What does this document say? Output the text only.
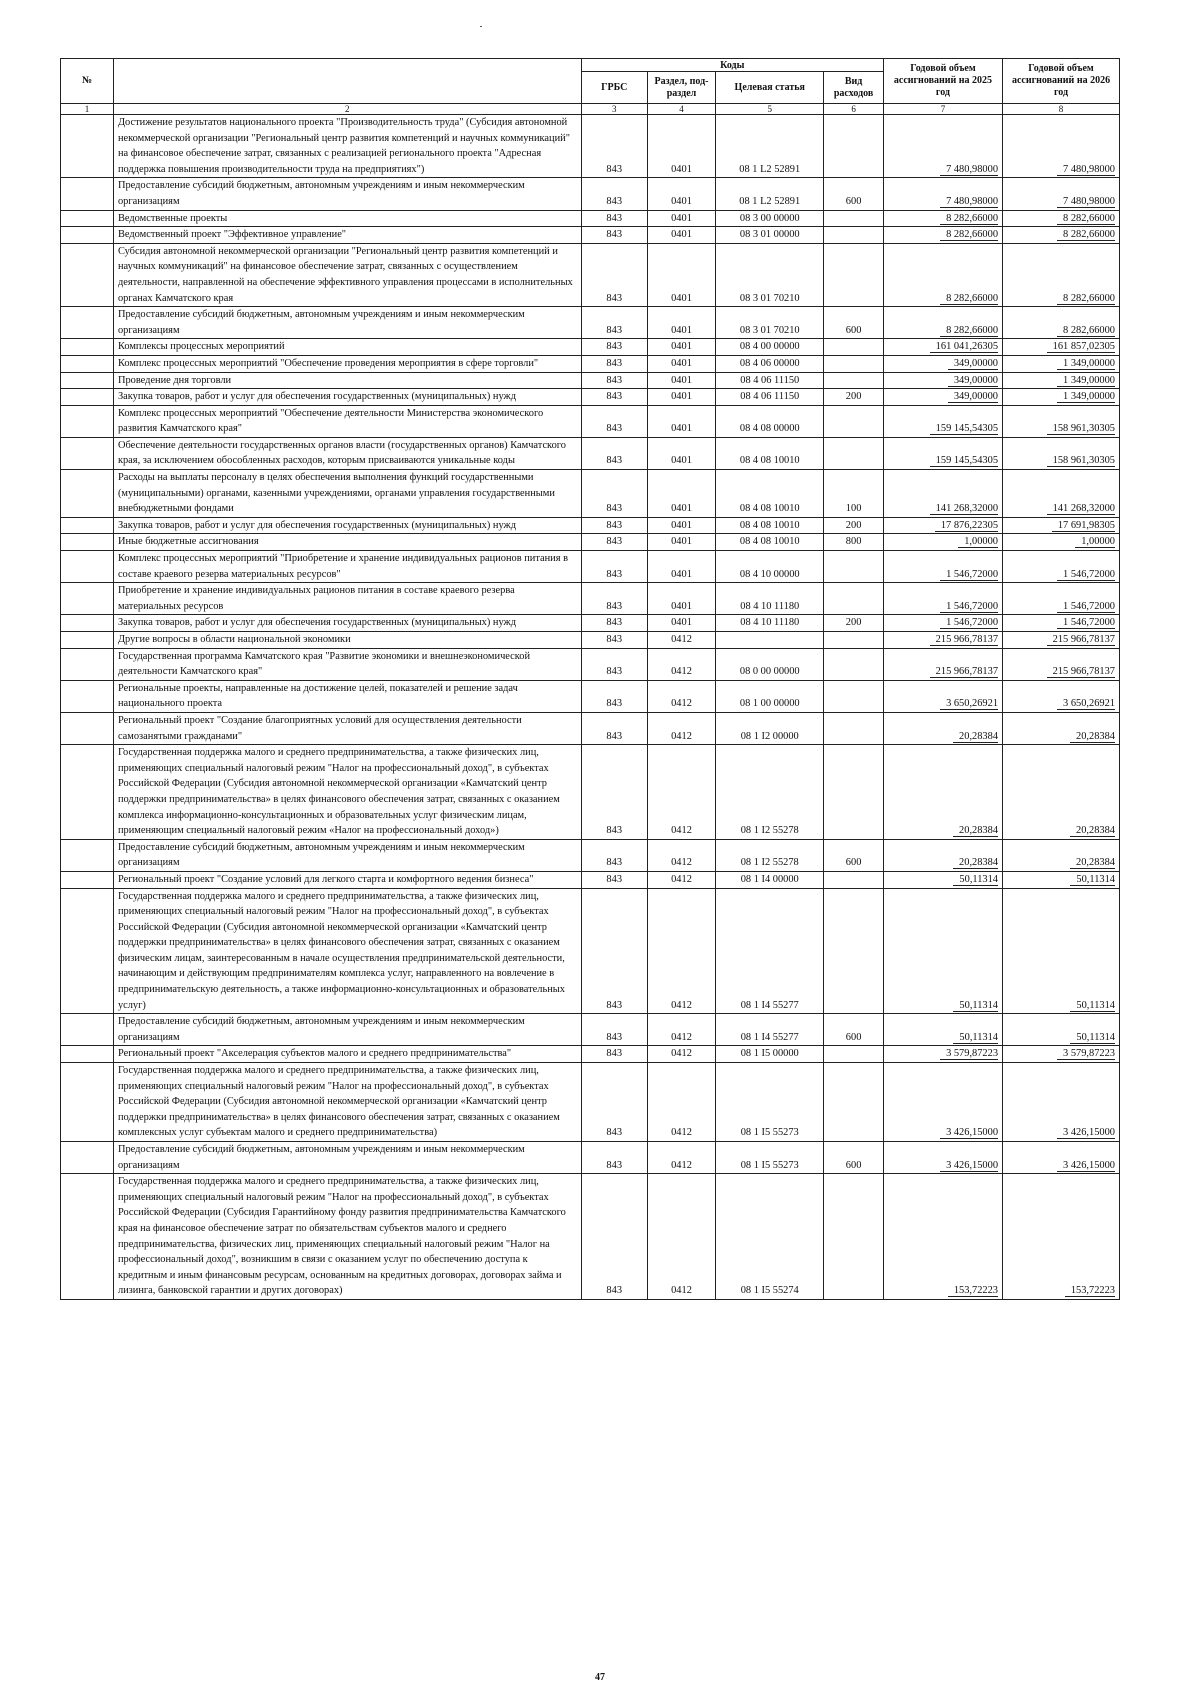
№		Коды				Годовой объем ассигнований на 2025 год	Годовой объем ассигнований на 2026 год
		ГРБС	Раздел, под-раздел	Целевая статья	Вид расходов		
1	2	3	4	5	6	7	8
	Достижение результатов национального проекта "Производительность труда" (Субсидия автономной некоммерческой организации "Региональный центр развития компетенций и научных коммуникаций" на финансовое обеспечение затрат, связанных с реализацией регионального проекта "Адресная поддержка повышения производительности труда на предприятиях")	843	0401	08 1 L2 52891		7 480,98000	7 480,98000
	Предоставление субсидий бюджетным, автономным учреждениям и иным некоммерческим организациям	843	0401	08 1 L2 52891	600	7 480,98000	7 480,98000
	Ведомственные проекты	843	0401	08 3 00 00000		8 282,66000	8 282,66000
	Ведомственный проект "Эффективное управление"	843	0401	08 3 01 00000		8 282,66000	8 282,66000
	Субсидия автономной некоммерческой организации "Региональный центр развития компетенций и научных коммуникаций" на финансовое обеспечение затрат, связанных с осуществлением деятельности, направленной на обеспечение эффективного управления процессами в исполнительных органах Камчатского края	843	0401	08 3 01 70210		8 282,66000	8 282,66000
	Предоставление субсидий бюджетным, автономным учреждениям и иным некоммерческим организациям	843	0401	08 3 01 70210	600	8 282,66000	8 282,66000
	Комплексы процессных мероприятий	843	0401	08 4 00 00000		161 041,26305	161 857,02305
	Комплекс процессных мероприятий "Обеспечение проведения мероприятия в сфере торговли"	843	0401	08 4 06 00000		349,00000	1 349,00000
	Проведение дня торговли	843	0401	08 4 06 11150		349,00000	1 349,00000
	Закупка товаров, работ и услуг для обеспечения государственных (муниципальных) нужд	843	0401	08 4 06 11150	200	349,00000	1 349,00000
	Комплекс процессных мероприятий "Обеспечение деятельности Министерства экономического развития Камчатского края"	843	0401	08 4 08 00000		159 145,54305	158 961,30305
	Обеспечение деятельности государственных органов власти (государственных органов) Камчатского края, за исключением обособленных расходов, которым присваиваются уникальные коды	843	0401	08 4 08 10010		159 145,54305	158 961,30305
	Расходы на выплаты персоналу в целях обеспечения выполнения функций государственными (муниципальными) органами, казенными учреждениями, органами управления государственными внебюджетными фондами	843	0401	08 4 08 10010	100	141 268,32000	141 268,32000
	Закупка товаров, работ и услуг для обеспечения государственных (муниципальных) нужд	843	0401	08 4 08 10010	200	17 876,22305	17 691,98305
	Иные бюджетные ассигнования	843	0401	08 4 08 10010	800	1,00000	1,00000
	Комплекс процессных мероприятий "Приобретение и хранение индивидуальных рационов питания в составе краевого резерва материальных ресурсов"	843	0401	08 4 10 00000		1 546,72000	1 546,72000
	Приобретение и хранение индивидуальных рационов питания в составе краевого резерва материальных ресурсов	843	0401	08 4 10 11180		1 546,72000	1 546,72000
	Закупка товаров, работ и услуг для обеспечения государственных (муниципальных) нужд	843	0401	08 4 10 11180	200	1 546,72000	1 546,72000
	Другие вопросы в области национальной экономики	843	0412			215 966,78137	215 966,78137
	Государственная программа Камчатского края "Развитие экономики и внешнеэкономической деятельности Камчатского края"	843	0412	08 0 00 00000		215 966,78137	215 966,78137
	Региональные проекты, направленные на достижение целей, показателей и решение задач национального проекта	843	0412	08 1 00 00000		3 650,26921	3 650,26921
	Региональный проект "Создание благоприятных условий для осуществления деятельности самозанятыми гражданами"	843	0412	08 1 I2 00000		20,28384	20,28384
	Государственная поддержка малого и среднего предпринимательства, а также физических лиц, применяющих специальный налоговый режим "Налог на профессиональный доход", в субъектах Российской Федерации (Субсидия автономной некоммерческой организации «Камчатский центр поддержки предпринимательства» в целях финансового обеспечения затрат, связанных с оказанием комплекса информационно-консультационных и образовательных услуг физическим лицам, применяющим специальный налоговый режим «Налог на профессиональный доход»)	843	0412	08 1 I2 55278		20,28384	20,28384
	Предоставление субсидий бюджетным, автономным учреждениям и иным некоммерческим организациям	843	0412	08 1 I2 55278	600	20,28384	20,28384
	Региональный проект "Создание условий для легкого старта и комфортного ведения бизнеса"	843	0412	08 1 I4 00000		50,11314	50,11314
	Государственная поддержка малого и среднего предпринимательства, а также физических лиц, применяющих специальный налоговый режим "Налог на профессиональный доход", в субъектах Российской Федерации (Субсидия автономной некоммерческой организации «Камчатский центр поддержки предпринимательства» в целях финансового обеспечения затрат, связанных с оказанием физическим лицам, заинтересованным в начале осуществления предпринимательской деятельности, начинающим и действующим предпринимателям комплекса услуг, направленного на вовлечение в предпринимательскую деятельность, а также информационно-консультационных и образовательных услуг)	843	0412	08 1 I4 55277		50,11314	50,11314
	Предоставление субсидий бюджетным, автономным учреждениям и иным некоммерческим организациям	843	0412	08 1 I4 55277	600	50,11314	50,11314
	Региональный проект "Акселерация субъектов малого и среднего предпринимательства"	843	0412	08 1 I5 00000		3 579,87223	3 579,87223
	Государственная поддержка малого и среднего предпринимательства, а также физических лиц, применяющих специальный налоговый режим "Налог на профессиональный доход", в субъектах Российской Федерации (Субсидия автономной некоммерческой организации «Камчатский центр поддержки предпринимательства» в целях финансового обеспечения затрат, связанных с оказанием комплексных услуг субъектам малого и среднего предпринимательства)	843	0412	08 1 I5 55273		3 426,15000	3 426,15000
	Предоставление субсидий бюджетным, автономным учреждениям и иным некоммерческим организациям	843	0412	08 1 I5 55273	600	3 426,15000	3 426,15000
	Государственная поддержка малого и среднего предпринимательства, а также физических лиц, применяющих специальный налоговый режим "Налог на профессиональный доход", в субъектах Российской Федерации (Субсидия Гарантийному фонду развития предпринимательства Камчатского края на финансовое обеспечение затрат по обязательствам субъектов малого и среднего предпринимательства, физических лиц, применяющих специальный налоговый режим "Налог на профессиональный доход", возникшим в связи с оказанием услуг по обеспечению доступа к кредитным и иным финансовым ресурсам, основанным на кредитных договорах, договорах займа и лизинга, банковской гарантии и других договорах)	843	0412	08 1 I5 55274		153,72223	153,72223
47
